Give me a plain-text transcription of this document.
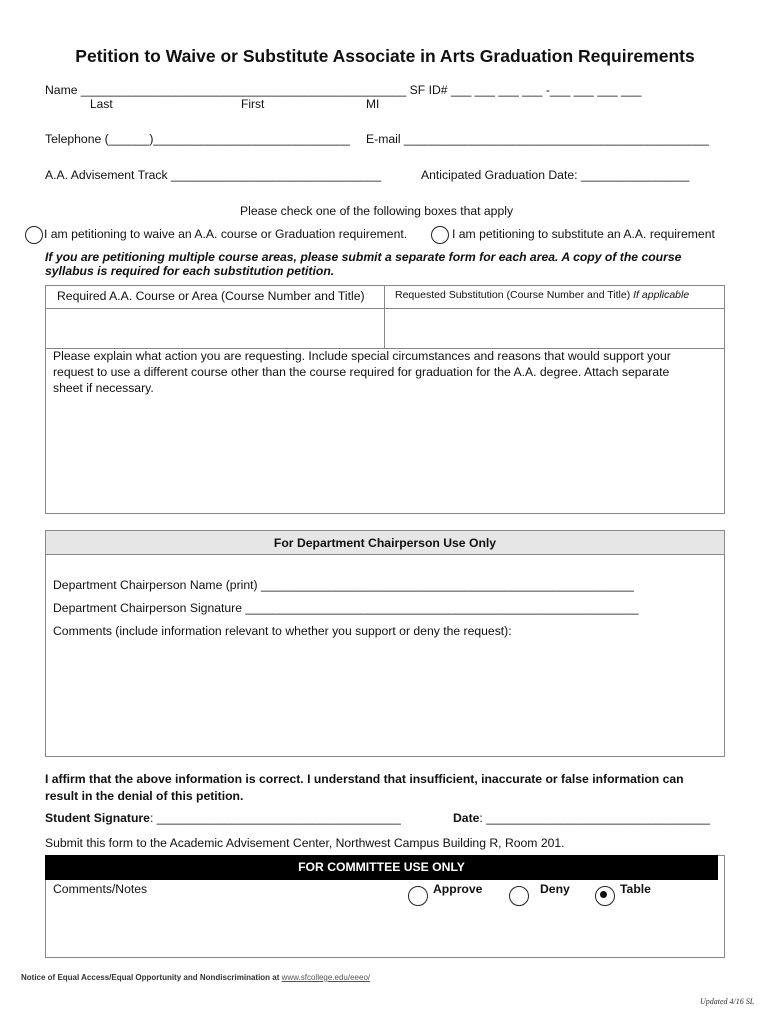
Petition to Waive or Substitute Associate in Arts Graduation Requirements
Name ________________________________________________ SF ID# ___ ___ ___ ___ -___ ___ ___ ___
Last	First	MI
Telephone (______)_____________________________ E-mail _____________________________________________
A.A. Advisement Track _______________________________	Anticipated Graduation Date: ________________
Please check one of the following boxes that apply
I am petitioning to waive an A.A. course or Graduation requirement.	I am petitioning to substitute an A.A. requirement
If you are petitioning multiple course areas, please submit a separate form for each area. A copy of the course
syllabus is required for each substitution petition.
Required A.A. Course or Area (Course Number and Title)	Requested Substitution (Course Number and Title) If applicable
Please explain what action you are requesting. Include special circumstances and reasons that would support your
request to use a different course other than the course required for graduation for the A.A. degree. Attach separate
sheet if necessary.
For Department Chairperson Use Only
Department Chairperson Name (print) _______________________________________________________
Department Chairperson Signature __________________________________________________________
Comments (include information relevant to whether you support or deny the request):
I affirm that the above information is correct. I understand that insufficient, inaccurate or false information can
result in the denial of this petition.
Student Signature: ____________________________________	Date: _________________________________
Submit this form to the Academic Advisement Center, Northwest Campus Building R, Room 201.
FOR COMMITTEE USE ONLY
Comments/Notes	Approve	Deny	Table
Notice of Equal Access/Equal Opportunity and Nondiscrimination at www.sfcollege.edu/eeeo/
Updated 4/16 SL
